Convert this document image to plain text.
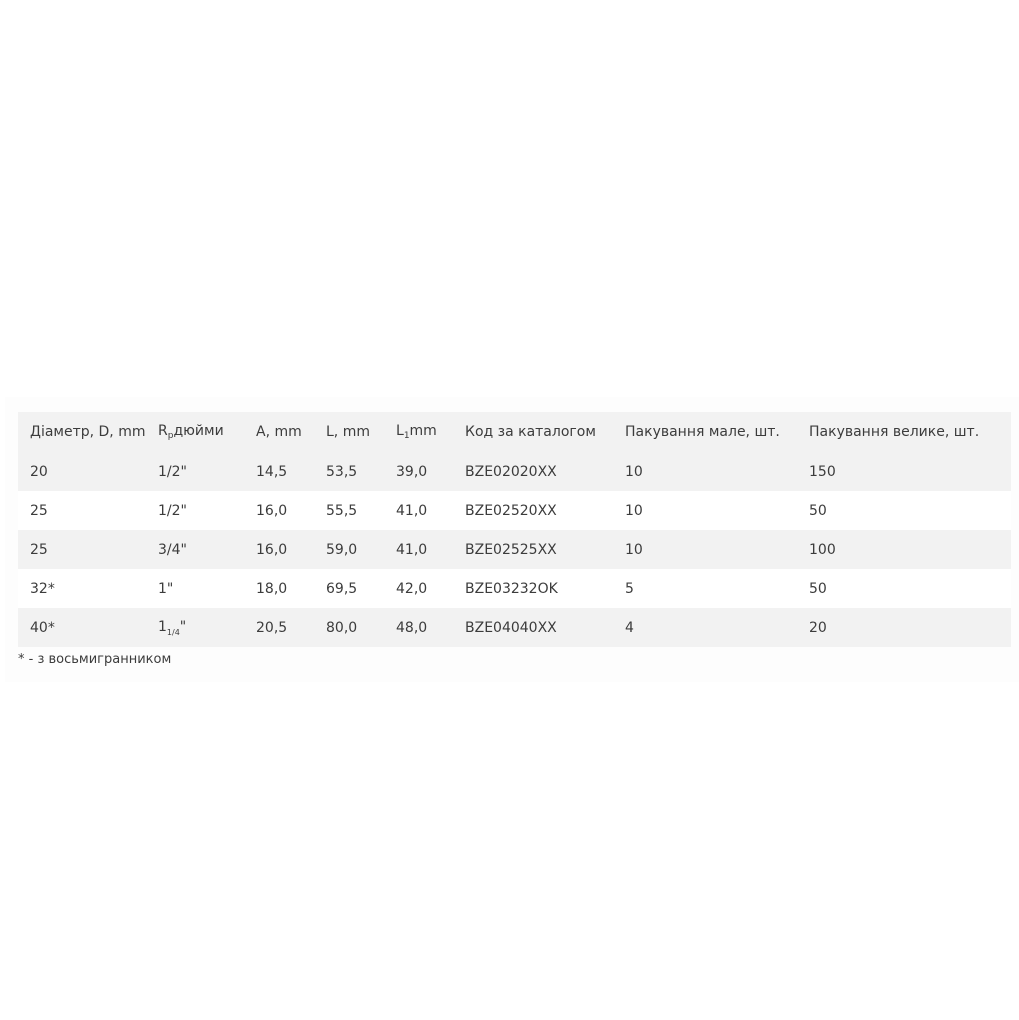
Діаметр, D, mm	$R_pдюйми$	A, mm	L, mm	$L_1mm$	Код за каталогом	Пакування мале, шт.	Пакування велике, шт.
20	1/2"	14,5	53,5	39,0	BZE02020XX	10	150
25	1/2"	16,0	55,5	41,0	BZE02520XX	10	50
25	3/4"	16,0	59,0	41,0	BZE02525XX	10	100
32*	1"	18,0	69,5	42,0	BZE03232OK	5	50
40*	$1_{1/4}$"	20,5	80,0	48,0	BZE04040XX	4	20
* - з восьмигранником
